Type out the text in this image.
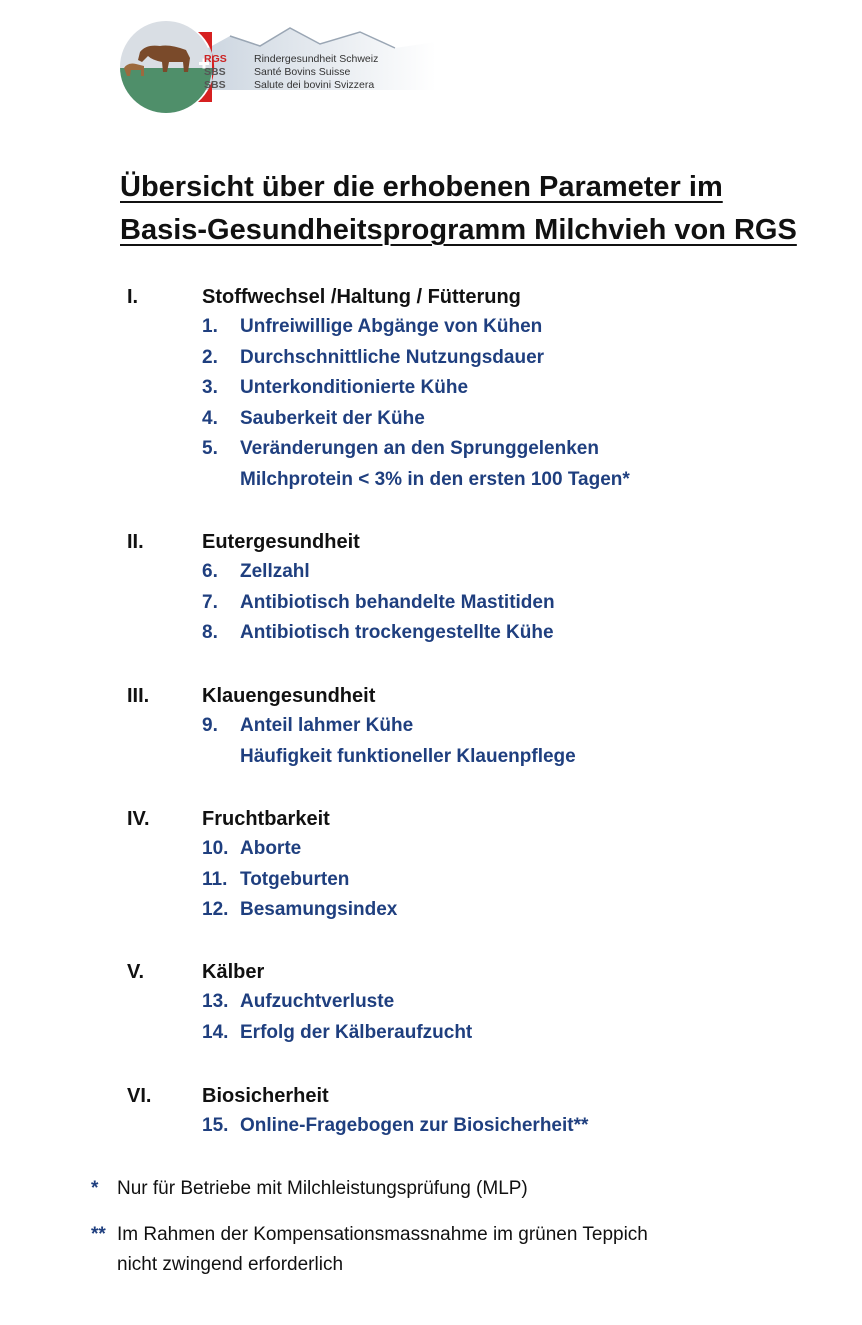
RGS
SBS
SBS
Rindergesundheit Schweiz
Santé Bovins Suisse
Salute dei bovini Svizzera
Übersicht über die erhobenen Parameter im
Basis-Gesundheitsprogramm Milchvieh von RGS
I.	Stoffwechsel /Haltung / Fütterung
1. Unfreiwillige Abgänge von Kühen
2. Durchschnittliche Nutzungsdauer
3. Unterkonditionierte Kühe
4. Sauberkeit der Kühe
5. Veränderungen an den Sprunggelenken
Milchprotein < 3% in den ersten 100 Tagen*
II.	Eutergesundheit
6. Zellzahl
7. Antibiotisch behandelte Mastitiden
8. Antibiotisch trockengestellte Kühe
III.	Klauengesundheit
9. Anteil lahmer Kühe
Häufigkeit funktioneller Klauenpflege
IV.	Fruchtbarkeit
10. Aborte
11. Totgeburten
12. Besamungsindex
V.	Kälber
13. Aufzuchtverluste
14. Erfolg der Kälberaufzucht
VI.	Biosicherheit
15. Online-Fragebogen zur Biosicherheit**
* Nur für Betriebe mit Milchleistungsprüfung (MLP)
** Im Rahmen der Kompensationsmassnahme im grünen Teppich
nicht zwingend erforderlich
